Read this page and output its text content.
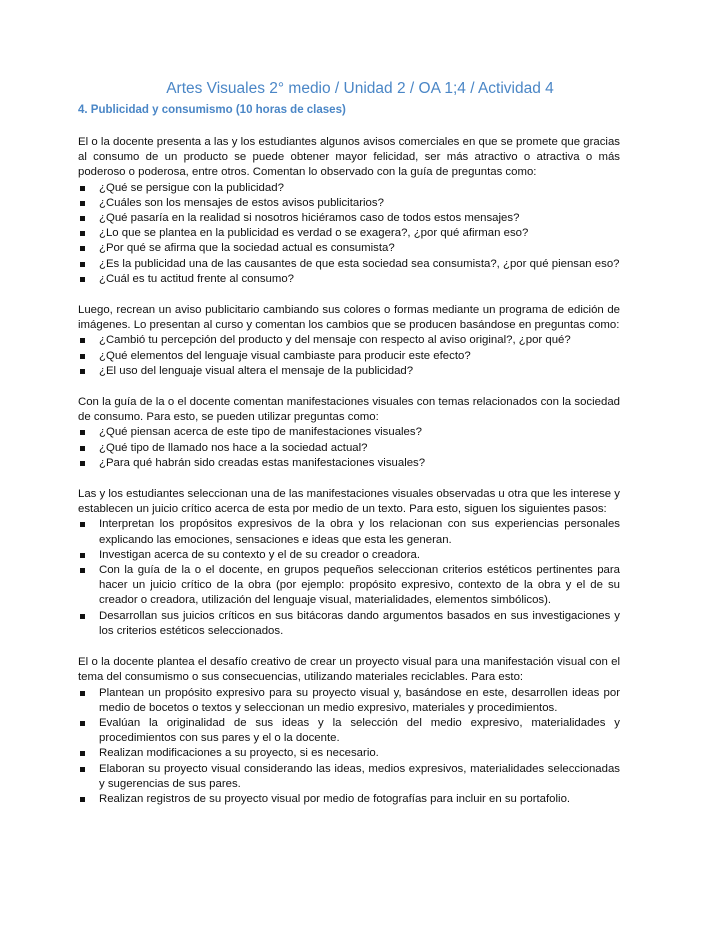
Artes Visuales 2° medio / Unidad 2 / OA 1;4 / Actividad 4
4. Publicidad y consumismo (10 horas de clases)

El o la docente presenta a las y los estudiantes algunos avisos comerciales en que se promete que gracias al consumo de un producto se puede obtener mayor felicidad, ser más atractivo o atractiva o más poderoso o poderosa, entre otros. Comentan lo observado con la guía de preguntas como:

¿Qué se persigue con la publicidad?
¿Cuáles son los mensajes de estos avisos publicitarios?
¿Qué pasaría en la realidad si nosotros hiciéramos caso de todos estos mensajes?
¿Lo que se plantea en la publicidad es verdad o se exagera?, ¿por qué afirman eso?
¿Por qué se afirma que la sociedad actual es consumista?
¿Es la publicidad una de las causantes de que esta sociedad sea consumista?, ¿por qué piensan eso?
¿Cuál es tu actitud frente al consumo?

Luego, recrean un aviso publicitario cambiando sus colores o formas mediante un programa de edición de imágenes. Lo presentan al curso y comentan los cambios que se producen basándose en preguntas como:

¿Cambió tu percepción del producto y del mensaje con respecto al aviso original?, ¿por qué?
¿Qué elementos del lenguaje visual cambiaste para producir este efecto?
¿El uso del lenguaje visual altera el mensaje de la publicidad?

Con la guía de la o el docente comentan manifestaciones visuales con temas relacionados con la sociedad de consumo. Para esto, se pueden utilizar preguntas como:

¿Qué piensan acerca de este tipo de manifestaciones visuales?
¿Qué tipo de llamado nos hace a la sociedad actual?
¿Para qué habrán sido creadas estas manifestaciones visuales?

Las y los estudiantes seleccionan una de las manifestaciones visuales observadas u otra que les interese y establecen un juicio crítico acerca de esta por medio de un texto. Para esto, siguen los siguientes pasos:

Interpretan los propósitos expresivos de la obra y los relacionan con sus experiencias personales explicando las emociones, sensaciones e ideas que esta les generan.
Investigan acerca de su contexto y el de su creador o creadora.
Con la guía de la o el docente, en grupos pequeños seleccionan criterios estéticos pertinentes para hacer un juicio crítico de la obra (por ejemplo: propósito expresivo, contexto de la obra y el de su creador o creadora, utilización del lenguaje visual, materialidades, elementos simbólicos).
Desarrollan sus juicios críticos en sus bitácoras dando argumentos basados en sus investigaciones y los criterios estéticos seleccionados.

El o la docente plantea el desafío creativo de crear un proyecto visual para una manifestación visual con el tema del consumismo o sus consecuencias, utilizando materiales reciclables. Para esto:

Plantean un propósito expresivo para su proyecto visual y, basándose en este, desarrollen ideas por medio de bocetos o textos y seleccionan un medio expresivo, materiales y procedimientos.
Evalúan la originalidad de sus ideas y la selección del medio expresivo, materialidades y procedimientos con sus pares y el o la docente.
Realizan modificaciones a su proyecto, si es necesario.
Elaboran su proyecto visual considerando las ideas, medios expresivos, materialidades seleccionadas y sugerencias de sus pares.
Realizan registros de su proyecto visual por medio de fotografías para incluir en su portafolio.
